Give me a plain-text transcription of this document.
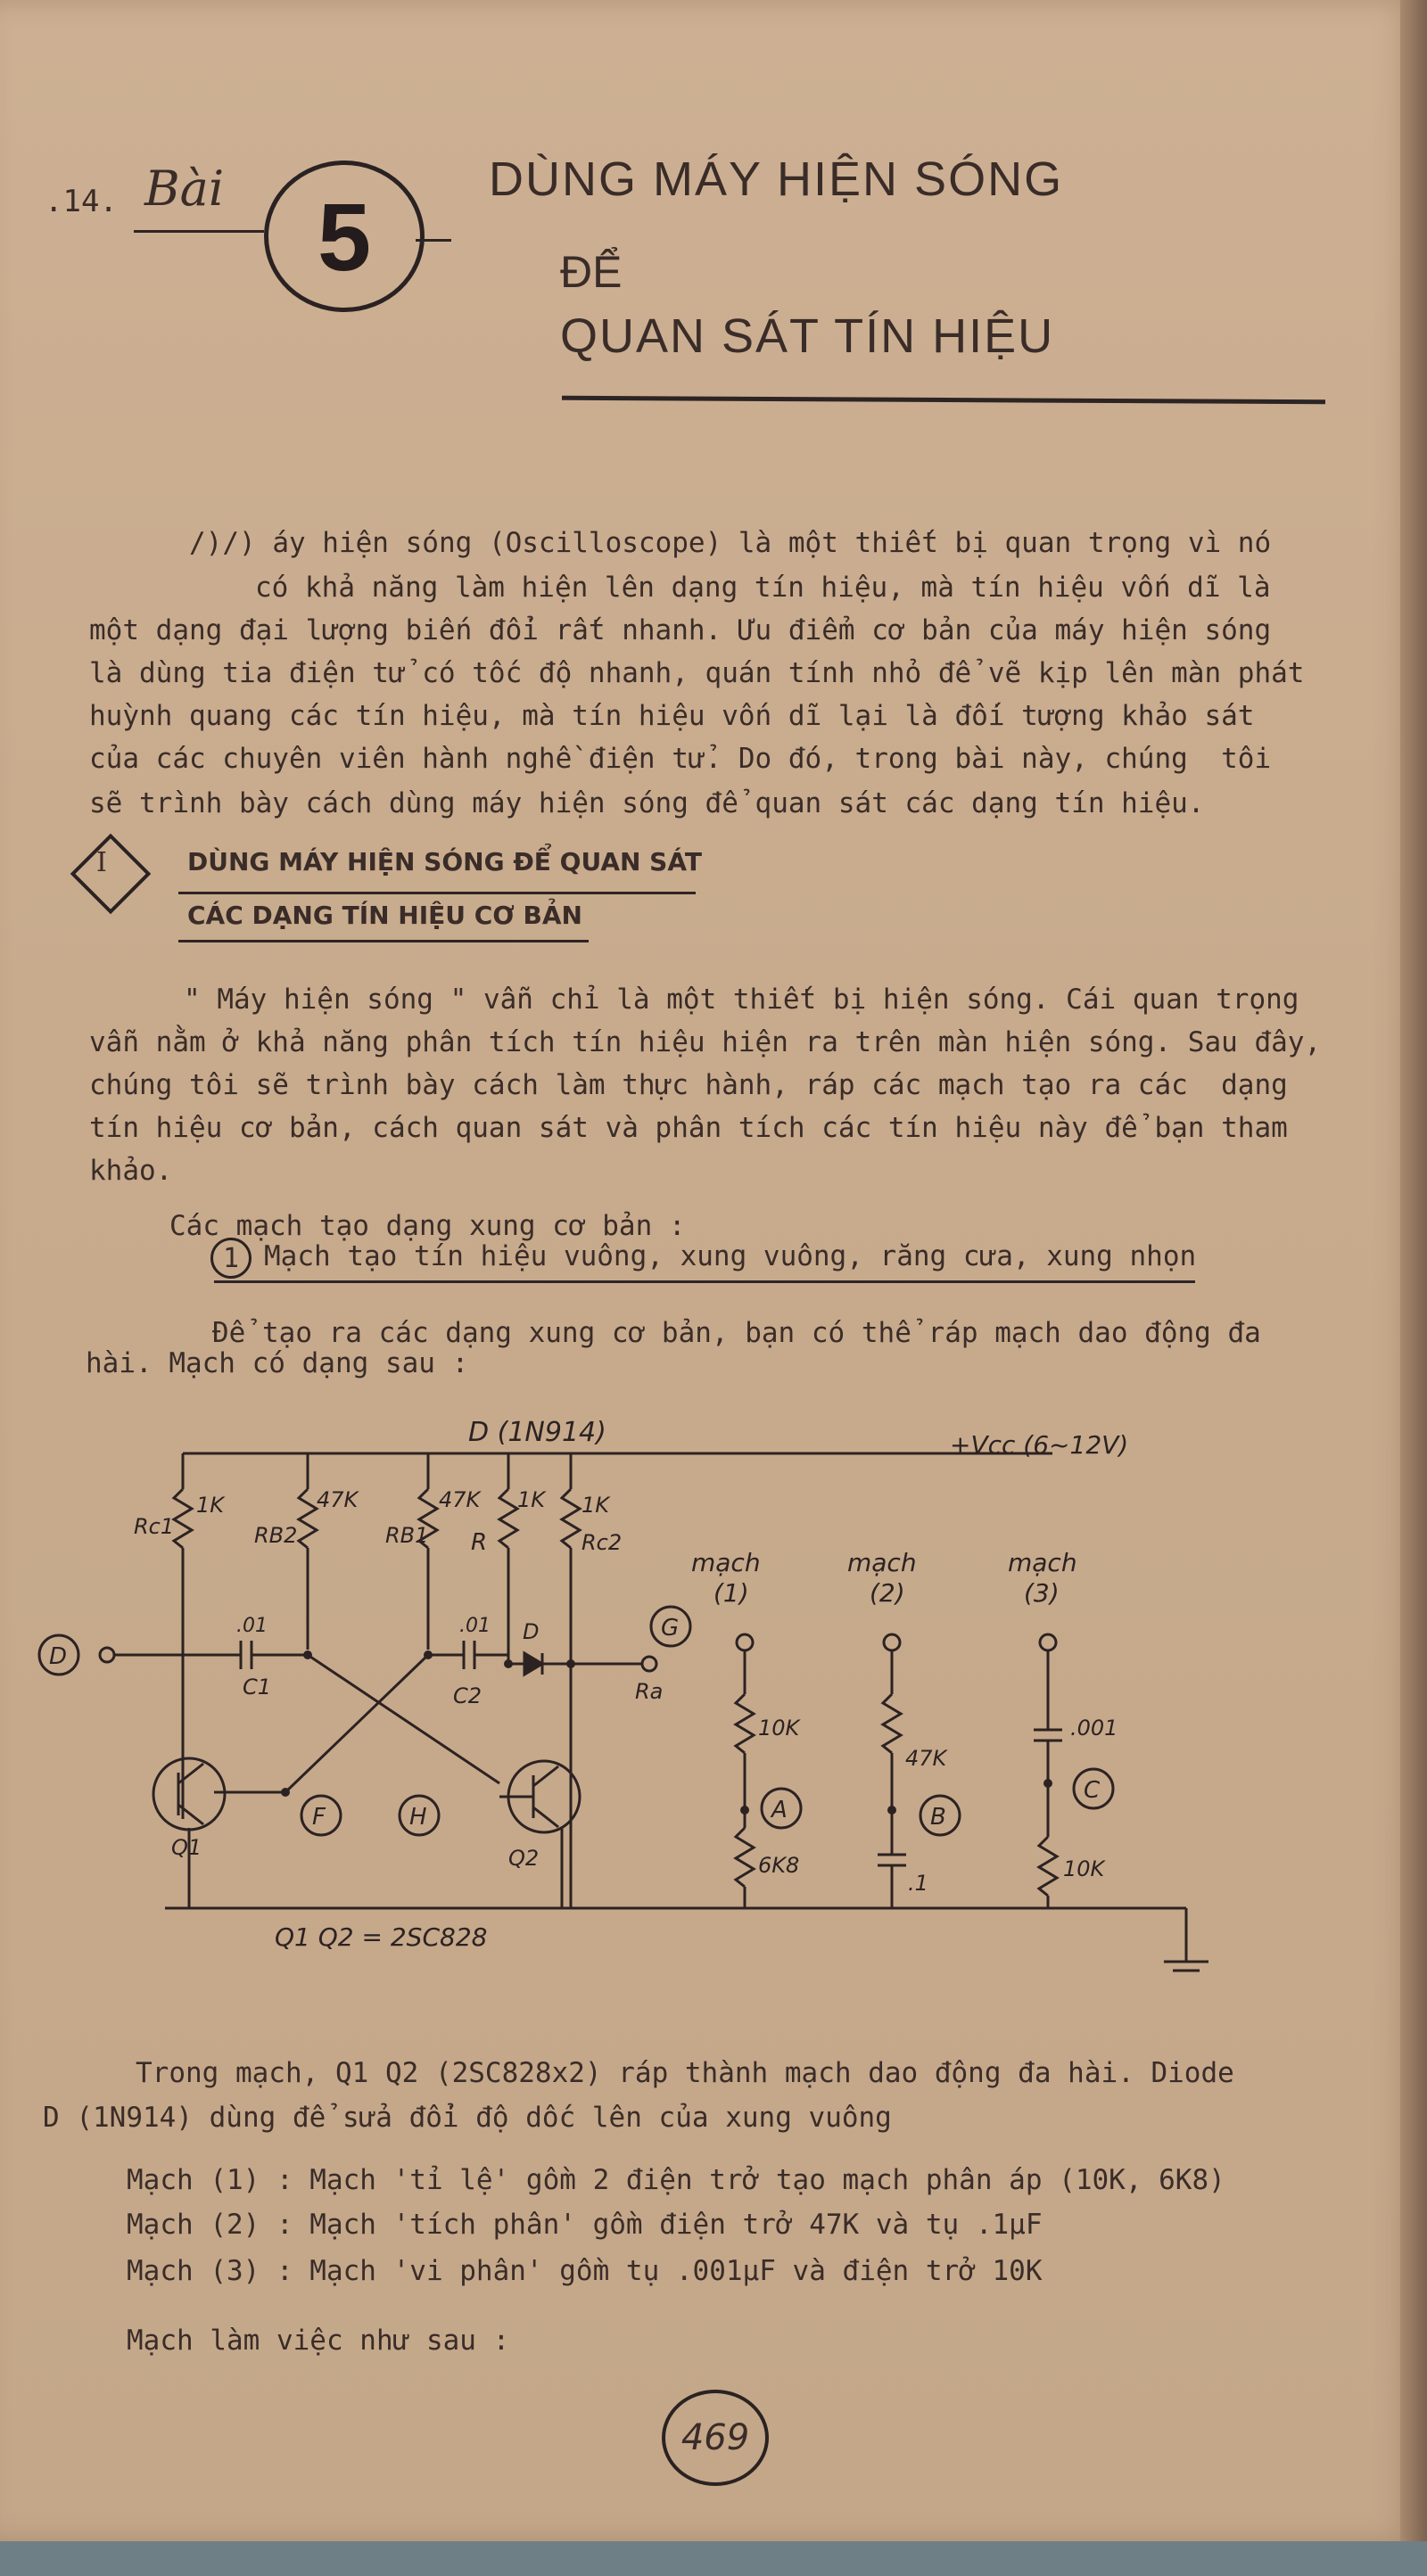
.14. Bài 5
DÙNG MÁY HIỆN SÓNG
ĐỂ
QUAN SÁT TÍN HIỆU
/)/) áy hiện sóng (Oscilloscope) là một thiết bị quan trọng vì nó
có khả năng làm hiện lên dạng tín hiệu, mà tín hiệu vốn dĩ là
một dạng đại lượng biến đổi rất nhanh. Ưu điểm cơ bản của máy hiện sóng
là dùng tia điện tử có tốc độ nhanh, quán tính nhỏ để vẽ kịp lên màn phát
huỳnh quang các tín hiệu, mà tín hiệu vốn dĩ lại là đối tượng khảo sát
của các chuyên viên hành nghề điện tử. Do đó, trong bài này, chúng  tôi
sẽ trình bày cách dùng máy hiện sóng để quan sát các dạng tín hiệu.
I	DÙNG MÁY HIỆN SÓNG ĐỂ QUAN SÁT
CÁC DẠNG TÍN HIỆU CƠ BẢN
" Máy hiện sóng " vẫn chỉ là một thiết bị hiện sóng. Cái quan trọng
vẫn nằm ở khả năng phân tích tín hiệu hiện ra trên màn hiện sóng. Sau đây,
chúng tôi sẽ trình bày cách làm thực hành, ráp các mạch tạo ra các  dạng
tín hiệu cơ bản, cách quan sát và phân tích các tín hiệu này để bạn tham
khảo.
Các mạch tạo dạng xung cơ bản :
1 Mạch tạo tín hiệu vuông, xung vuông, răng cưa, xung nhọn
Để tạo ra các dạng xung cơ bản, bạn có thể ráp mạch dao động đa
hài. Mạch có dạng sau :
D (1N914)	+Vcc (6~12V)
Rc1
1K
RB2
47K
RB1
47K
R
1K
Rc2
1K
.01
C1
.01
C2
D
D
G
F	H	A	B
C
Ra
Q1	Q2
Q1 Q2 = 2SC828
mạch
(1)
mạch
(2)
mạch
(3)
10K
6K8
47K
.1
.001
10K
Trong mạch, Q1 Q2 (2SC828x2) ráp thành mạch dao động đa hài. Diode
D (1N914) dùng để sửa đổi độ dốc lên của xung vuông
Mạch (1) : Mạch 'tỉ lệ' gồm 2 điện trở tạo mạch phân áp (10K, 6K8)
Mạch (2) : Mạch 'tích phân' gồm điện trở 47K và tụ .1μF
Mạch (3) : Mạch 'vi phân' gồm tụ .001μF và điện trở 10K
Mạch làm việc như sau :
469
